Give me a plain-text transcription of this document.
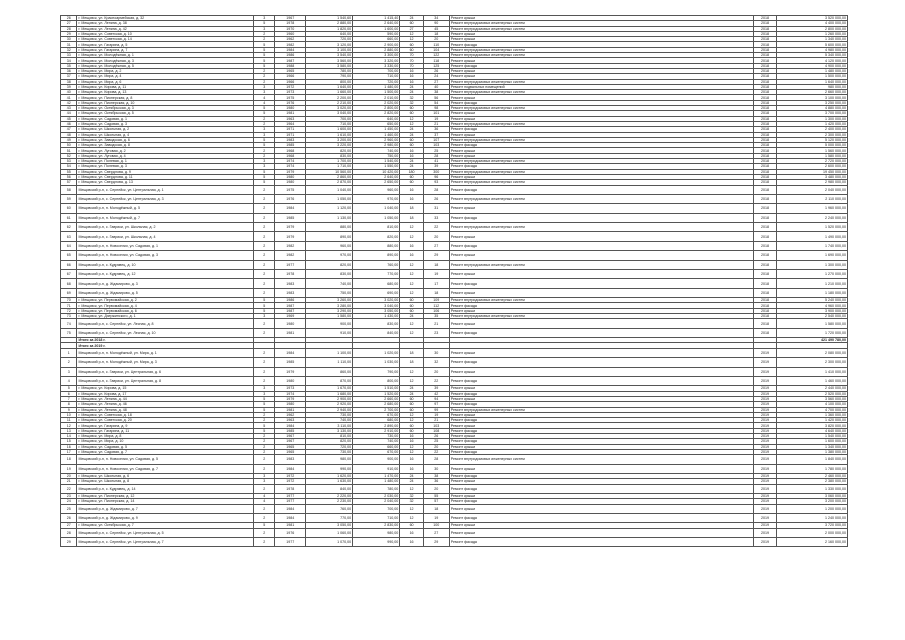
26	г. Мещовск, ул. Красноармейская, д. 32	3	1967	1 540,60	1 415,40	24	34	Ремонт крыши	2018	3 520 000,00
27	г. Мещовск, ул. Ленина, д. 38	5	1978	2 880,00	2 640,00	60	90	Ремонт внутридомовых инженерных систем	2018	4 400 000,00
28	г. Мещовск, ул. Ленина, д. 42	3	1970	1 820,00	1 600,00	27	45	Ремонт внутридомовых инженерных систем	2018	2 800 000,00
29	г. Мещовск, ул. Советская, д. 10	2	1960	640,00	590,00	12	18	Ремонт крыши	2018	1 260 000,00
30	г. Мещовск, ул. Советская, д. 14	2	1962	720,00	660,00	12	20	Ремонт крыши	2018	1 340 000,00
31	г. Мещовск, ул. Гагарина, д. 5	5	1982	3 120,00	2 900,00	60	110	Ремонт фасада	2018	5 600 000,00
32	г. Мещовск, ул. Гагарина, д. 7	5	1984	3 100,00	2 880,00	60	104	Ремонт внутридомовых инженерных систем	2018	4 980 000,00
33	г. Мещовск, ул. Молодёжная, д. 1	5	1986	3 540,00	3 300,00	70	122	Ремонт внутридомовых инженерных систем	2018	5 340 000,00
34	г. Мещовск, ул. Молодёжная, д. 3	5	1987	3 560,00	3 320,00	70	118	Ремонт крыши	2018	4 120 000,00
35	г. Мещовск, ул. Молодёжная, д. 5	5	1988	3 580,00	3 330,00	70	125	Ремонт фасада	2018	4 900 000,00
36	г. Мещовск, ул. Мира, д. 2	2	1965	780,00	700,00	16	26	Ремонт крыши	2018	1 480 000,00
37	г. Мещовск, ул. Мира, д. 4	2	1966	790,00	710,00	16	24	Ремонт крыши	2018	1 500 000,00
38	г. Мещовск, ул. Мира, д. 6	2	1966	800,00	720,00	16	27	Ремонт внутридомовых инженерных систем	2018	1 640 000,00
39	г. Мещовск, ул. Кирова, д. 11	3	1972	1 640,00	1 480,00	24	40	Ремонт подвальных помещений	2018	980 000,00
40	г. Мещовск, ул. Кирова, д. 13	3	1973	1 660,00	1 500,00	24	38	Ремонт внутридомовых инженерных систем	2018	2 660 000,00
41	г. Мещовск, ул. Пионерская, д. 8	4	1975	2 200,00	2 010,00	32	56	Ремонт крыши	2018	3 100 000,00
42	г. Мещовск, ул. Пионерская, д. 10	4	1976	2 210,00	2 020,00	32	54	Ремонт фасада	2018	3 250 000,00
43	г. Мещовск, ул. Октябрьская, д. 3	5	1980	3 020,00	2 800,00	60	98	Ремонт внутридомовых инженерных систем	2018	4 880 000,00
44	г. Мещовск, ул. Октябрьская, д. 5	5	1981	3 040,00	2 820,00	60	101	Ремонт крыши	2018	3 700 000,00
45	г. Мещовск, ул. Садовая, д. 1	2	1963	700,00	640,00	12	19	Ремонт крыши	2018	1 300 000,00
46	г. Мещовск, ул. Садовая, д. 3	2	1964	710,00	650,00	12	21	Ремонт внутридомовых инженерных систем	2018	1 420 000,00
47	г. Мещовск, ул. Школьная, д. 2	3	1971	1 600,00	1 450,00	24	36	Ремонт фасада	2018	2 400 000,00
48	г. Мещовск, ул. Школьная, д. 4	3	1971	1 610,00	1 460,00	24	37	Ремонт крыши	2018	2 300 000,00
49	г. Мещовск, ул. Заводская, д. 6	5	1983	3 200,00	2 960,00	60	107	Ремонт внутридомовых инженерных систем	2018	5 120 000,00
50	г. Мещовск, ул. Заводская, д. 8	5	1985	3 220,00	2 980,00	60	103	Ремонт фасада	2018	5 000 000,00
51	г. Мещовск, ул. Луговая, д. 2	2	1968	820,00	740,00	16	25	Ремонт крыши	2018	1 560 000,00
52	г. Мещовск, ул. Луговая, д. 4	2	1968	830,00	750,00	16	28	Ремонт крыши	2018	1 580 000,00
53	г. Мещовск, ул. Полевая, д. 1	3	1974	1 700,00	1 540,00	24	41	Ремонт внутридомовых инженерных систем	2018	2 720 000,00
54	г. Мещовск, ул. Полевая, д. 3	3	1974	1 710,00	1 550,00	24	39	Ремонт фасада	2018	2 600 000,00
55	г. Мещовск, ул. Свердлова, д. 9	5	1979	10 560,00	10 420,00	180	300	Ремонт внутридомовых инженерных систем	2018	19 450 000,00
56	г. Мещовск, ул. Свердлова, д. 11	5	1980	2 860,00	2 640,00	60	96	Ремонт крыши	2018	3 480 000,00
57	г. Мещовск, ул. Свердлова, д. 13	5	1980	2 870,00	2 650,00	60	93	Ремонт внутридомовых инженерных систем	2018	2 980 000,00
58	Мещовский р-н, с. Серпейск, ул. Центральная, д. 1	2	1975	1 040,00	960,00	16	28	Ремонт фасада	2018	2 040 000,00
59	Мещовский р-н, с. Серпейск, ул. Центральная, д. 3	2	1976	1 050,00	970,00	16	26	Ремонт внутридомовых инженерных систем	2018	2 110 000,00
60	Мещовский р-н, п. Молодёжный, д. 5	2	1984	1 120,00	1 040,00	18	31	Ремонт крыши	2018	1 960 000,00
61	Мещовский р-н, п. Молодёжный, д. 7	2	1985	1 130,00	1 050,00	18	33	Ремонт фасада	2018	2 240 000,00
62	Мещовский р-н, с. Гаврики, ул. Школьная, д. 2	2	1979	880,00	810,00	12	22	Ремонт внутридомовых инженерных систем	2018	1 520 000,00
63	Мещовский р-н, с. Гаврики, ул. Школьная, д. 4	2	1979	890,00	820,00	12	20	Ремонт крыши	2018	1 490 000,00
64	Мещовский р-н, п. Новоселки, ул. Садовая, д. 1	2	1982	960,00	880,00	16	27	Ремонт фасада	2018	1 740 000,00
65	Мещовский р-н, п. Новоселки, ул. Садовая, д. 3	2	1982	970,00	890,00	16	29	Ремонт крыши	2018	1 690 000,00
66	Мещовский р-н, с. Кудрявец, д. 10	2	1977	820,00	760,00	12	18	Ремонт внутридомовых инженерных систем	2018	1 300 000,00
67	Мещовский р-н, с. Кудрявец, д. 12	2	1978	830,00	770,00	12	19	Ремонт крыши	2018	1 270 000,00
68	Мещовский р-н, д. Ждамирово, д. 3	2	1983	740,00	680,00	12	17	Ремонт фасада	2018	1 210 000,00
69	Мещовский р-н, д. Ждамирово, д. 5	2	1983	750,00	690,00	12	18	Ремонт крыши	2018	1 180 000,00
70	г. Мещовск, ул. Первомайская, д. 2	5	1986	3 260,00	3 020,00	60	109	Ремонт внутридомовых инженерных систем	2018	5 240 000,00
71	г. Мещовск, ул. Первомайская, д. 4	5	1987	3 280,00	3 040,00	60	112	Ремонт фасада	2018	4 960 000,00
72	г. Мещовск, ул. Первомайская, д. 6	5	1987	3 290,00	3 050,00	60	106	Ремонт крыши	2018	3 900 000,00
73	г. Мещовск, ул. Дзержинского, д. 1	3	1969	1 580,00	1 430,00	24	35	Ремонт внутридомовых инженерных систем	2018	2 540 000,00
74	Мещовский р-н, с. Серпейск, ул. Лесная, д. 8	2	1980	900,00	830,00	12	21	Ремонт крыши	2018	1 580 000,00
75	Мещовский р-н, с. Серпейск, ул. Лесная, д. 10	2	1981	910,00	840,00	12	23	Ремонт фасада	2018	1 720 000,00
	Итого за 2018 г.									421 490 780,00
	Итого за 2019 г.									
1	Мещовский р-н, п. Молодёжный, ул. Мира, д. 1	2	1984	1 100,00	1 020,00	18	30	Ремонт крыши	2019	2 080 000,00
2	Мещовский р-н, п. Молодёжный, ул. Мира, д. 3	2	1985	1 110,00	1 030,00	18	32	Ремонт фасада	2019	2 300 000,00
3	Мещовский р-н, с. Гаврики, ул. Центральная, д. 6	2	1979	860,00	790,00	12	20	Ремонт крыши	2019	1 410 000,00
4	Мещовский р-н, с. Гаврики, ул. Центральная, д. 8	2	1980	870,00	800,00	12	22	Ремонт фасада	2019	1 460 000,00
5	г. Мещовск, ул. Кирова, д. 15	3	1973	1 670,00	1 510,00	24	39	Ремонт крыши	2019	2 440 000,00
6	г. Мещовск, ул. Кирова, д. 17	3	1974	1 680,00	1 520,00	24	42	Ремонт фасада	2019	2 520 000,00
7	г. Мещовск, ул. Ленина, д. 44	5	1979	2 900,00	2 660,00	60	94	Ремонт крыши	2019	3 560 000,00
8	г. Мещовск, ул. Ленина, д. 46	5	1980	2 920,00	2 680,00	60	97	Ремонт фасада	2019	4 100 000,00
9	г. Мещовск, ул. Ленина, д. 48	5	1981	2 940,00	2 700,00	60	99	Ремонт внутридомовых инженерных систем	2019	4 700 000,00
10	г. Мещовск, ул. Советская, д. 18	2	1962	730,00	670,00	12	19	Ремонт крыши	2019	1 360 000,00
11	г. Мещовск, ул. Советская, д. 20	2	1963	740,00	680,00	12	21	Ремонт фасада	2019	1 420 000,00
12	г. Мещовск, ул. Гагарина, д. 9	5	1984	3 110,00	2 890,00	60	103	Ремонт крыши	2019	3 820 000,00
13	г. Мещовск, ул. Гагарина, д. 11	5	1985	3 130,00	2 910,00	60	108	Ремонт фасада	2019	4 640 000,00
14	г. Мещовск, ул. Мира, д. 8	2	1967	810,00	730,00	16	26	Ремонт крыши	2019	1 540 000,00
15	г. Мещовск, ул. Мира, д. 10	2	1967	820,00	740,00	16	25	Ремонт фасада	2019	1 600 000,00
16	г. Мещовск, ул. Садовая, д. 5	2	1965	720,00	660,00	12	20	Ремонт крыши	2019	1 340 000,00
17	г. Мещовск, ул. Садовая, д. 7	2	1965	730,00	670,00	12	22	Ремонт фасада	2019	1 380 000,00
18	Мещовский р-н, п. Новоселки, ул. Садовая, д. 5	2	1983	980,00	900,00	16	28	Ремонт внутридомовых инженерных систем	2019	1 840 000,00
19	Мещовский р-н, п. Новоселки, ул. Садовая, д. 7	2	1984	990,00	910,00	16	30	Ремонт крыши	2019	1 780 000,00
20	г. Мещовск, ул. Школьная, д. 6	3	1972	1 620,00	1 470,00	24	38	Ремонт фасада	2019	2 460 000,00
21	г. Мещовск, ул. Школьная, д. 8	3	1972	1 630,00	1 480,00	24	36	Ремонт крыши	2019	2 380 000,00
22	Мещовский р-н, с. Кудрявец, д. 14	2	1978	840,00	780,00	12	20	Ремонт фасада	2019	1 330 000,00
23	г. Мещовск, ул. Пионерская, д. 12	4	1977	2 220,00	2 030,00	32	55	Ремонт крыши	2019	3 060 000,00
24	г. Мещовск, ул. Пионерская, д. 14	4	1977	2 230,00	2 040,00	32	57	Ремонт фасада	2019	3 200 000,00
25	Мещовский р-н, д. Ждамирово, д. 7	2	1984	760,00	700,00	12	18	Ремонт крыши	2019	1 200 000,00
26	Мещовский р-н, д. Ждамирово, д. 9	2	1984	770,00	710,00	12	19	Ремонт фасада	2019	1 240 000,00
27	г. Мещовск, ул. Октябрьская, д. 7	5	1981	3 050,00	2 830,00	60	100	Ремонт крыши	2019	3 720 000,00
28	Мещовский р-н, с. Серпейск, ул. Центральная, д. 5	2	1976	1 060,00	980,00	16	27	Ремонт крыши	2019	2 000 000,00
29	Мещовский р-н, с. Серпейск, ул. Центральная, д. 7	2	1977	1 070,00	990,00	16	29	Ремонт фасада	2019	2 160 000,00
